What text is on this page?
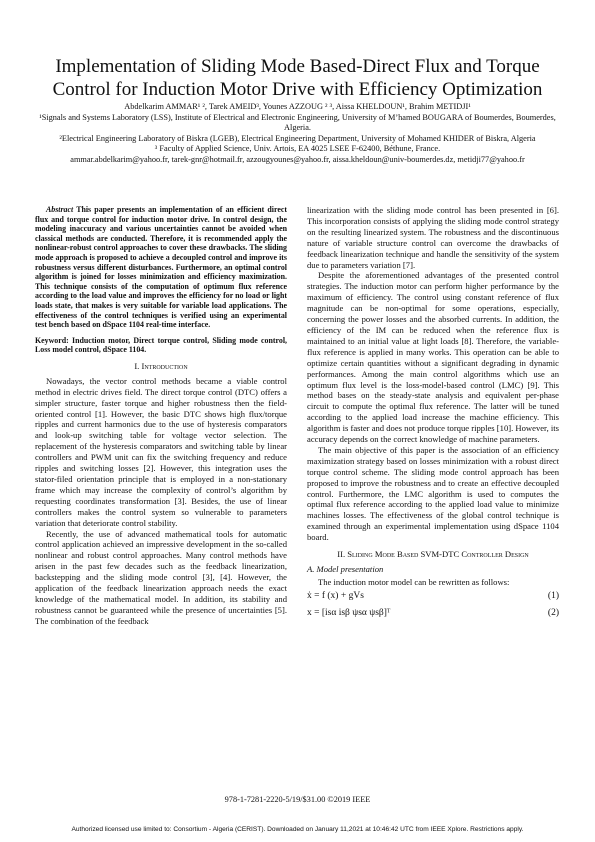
Implementation of Sliding Mode Based-Direct Flux and Torque Control for Induction Motor Drive with Efficiency Optimization
Abdelkarim AMMAR¹ ², Tarek AMEID³, Younes AZZOUG ² ³, Aissa KHELDOUN¹, Brahim METIDJI¹
¹Signals and Systems Laboratory (LSS), Institute of Electrical and Electronic Engineering, University of M’hamed BOUGARA of Boumerdes, Boumerdes, Algeria.
²Electrical Engineering Laboratory of Biskra (LGEB), Electrical Engineering Department, University of Mohamed KHIDER of Biskra, Algeria
³ Faculty of Applied Science, Univ. Artois, EA 4025 LSEE F-62400, Béthune, France.
ammar.abdelkarim@yahoo.fr, tarek-gnr@hotmail.fr, azzougyounes@yahoo.fr, aissa.kheldoun@univ-boumerdes.dz, metidji77@yahoo.fr

Abstract This paper presents an implementation of an efficient direct flux and torque control for induction motor drive. In control design, the modeling inaccuracy and various uncertainties cannot be avoided when classical methods are conducted. Therefore, it is recommended apply the nonlinear-robust control approaches to cover these drawbacks. The sliding mode approach is proposed to achieve a decoupled control and improve its robustness versus different disturbances. Furthermore, an optimal control algorithm is joined for losses minimization and efficiency maximization. This technique consists of the computation of optimum flux reference according to the load value and improves the efficiency for no load or light loads state, that makes is very suitable for variable load applications. The effectiveness of the control techniques is verified using an experimental test bench based on dSpace 1104 real-time interface.

Keyword: Induction motor, Direct torque control, Sliding mode control, Loss model control, dSpace 1104.

I. Introduction

Nowadays, the vector control methods became a viable control method in electric drives field. The direct torque control (DTC) offers a simpler structure, faster torque and higher robustness then the field-oriented control [1]. However, the basic DTC shows high flux/torque ripples and current harmonics due to the use of hysteresis comparators and look-up switching table for voltage vector selection. The replacement of the hysteresis comparators and switching table by linear controllers and PWM unit can fix the switching frequency and reduce ripples and switching losses [2]. However, this integration uses the stator-filed orientation principle that is employed in a non-stationary frame which may increase the complexity of control’s algorithm by requesting coordinates transformation [3]. Besides, the use of linear controllers makes the control system so vulnerable to parameters variation that deteriorate control stability.

Recently, the use of advanced mathematical tools for automatic control application achieved an impressive development in the so-called nonlinear and robust control approaches. Many control methods have arisen in the past few decades such as the feedback linearization, backstepping and the sliding mode control [3], [4]. However, the application of the feedback linearization approach needs the exact knowledge of the mathematical model. In addition, its stability and robustness cannot be guaranteed while the presence of uncertainties [5]. The combination of the feedback

linearization with the sliding mode control has been presented in [6]. This incorporation consists of applying the sliding mode control strategy on the resulting linearized system. The robustness and the discontinuous nature of variable structure control can overcome the drawbacks of feedback linearization technique and handle the sensitivity of the system due to parameters variation [7].

Despite the aforementioned advantages of the presented control strategies. The induction motor can perform higher performance by the maximum of efficiency. The control using constant reference of flux magnitude can be non-optimal for some operations, especially, concerning the power losses and the absorbed currents. In addition, the efficiency of the IM can be reduced when the reference flux is maintained to an initial value at light loads [8]. Therefore, the variable-flux reference is applied in many works. This operation can be able to optimize certain quantities without a significant degrading in dynamic performances. Among the main control algorithms which use an optimum flux level is the loss-model-based control (LMC) [9]. This method bases on the steady-state analysis and equivalent per-phase circuit to compute the optimal flux reference. The latter will be tuned according to the applied load increase the machine efficiency. This algorithm is faster and does not produce torque ripples [10]. However, its accuracy depends on the correct knowledge of machine parameters.

The main objective of this paper is the association of an efficiency maximization strategy based on losses minimization with a robust direct torque control scheme. The sliding mode control approach has been proposed to improve the robustness and to create an effective decoupled control. Furthermore, the LMC algorithm is used to computes the optimal flux reference according to the applied load value to minimize machines losses. The effectiveness of the global control technique is examined through an experimental implementation using dSpace 1104 board.

II. Sliding Mode Based SVM-DTC Controller Design
A. Model presentation

The induction motor model can be rewritten as follows:

ẋ = f (x) + gVs	(1)
x = [isα isβ ψsα ψsβ]ᵀ	(2)
978-1-7281-2220-5/19/$31.00 ©2019 IEEE
Authorized licensed use limited to: Consortium - Algeria (CERIST). Downloaded on January 11,2021 at 10:46:42 UTC from IEEE Xplore. Restrictions apply.
